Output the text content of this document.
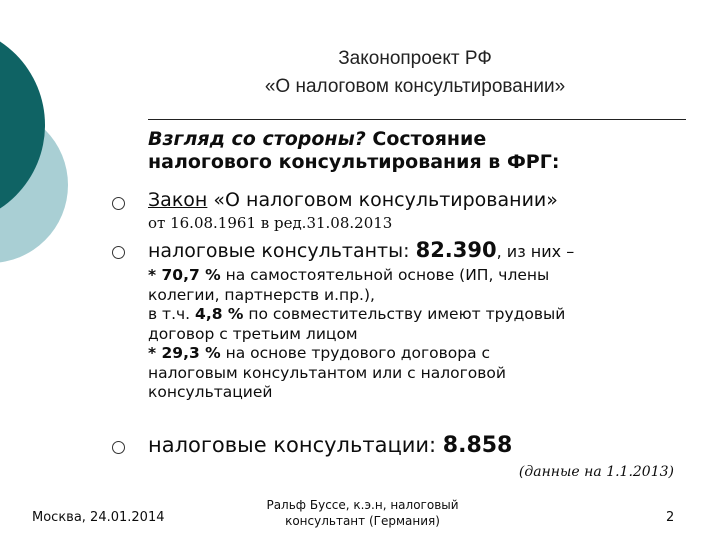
Законопроект РФ
«О налоговом консультировании»
Взгляд со стороны? Состояние
налогового консультирования в ФРГ:
Закон «О налоговом консультировании»
от 16.08.1961 в ред.31.08.2013
налоговые консультанты: 82.390, из них –
* 70,7 % на самостоятельной основе (ИП, члены
колегии, партнерств и.пр.),
в т.ч. 4,8 % по совместительству имеют трудовый
договор с третьим лицом
* 29,3 % на основе трудового договора с
налоговым консультантом или с налоговой
консультацией
налоговые консультации: 8.858
(данные на 1.1.2013)
Москва, 24.01.2014
Ральф Буссе, к.э.н, налоговый
консультант (Германия)	2
